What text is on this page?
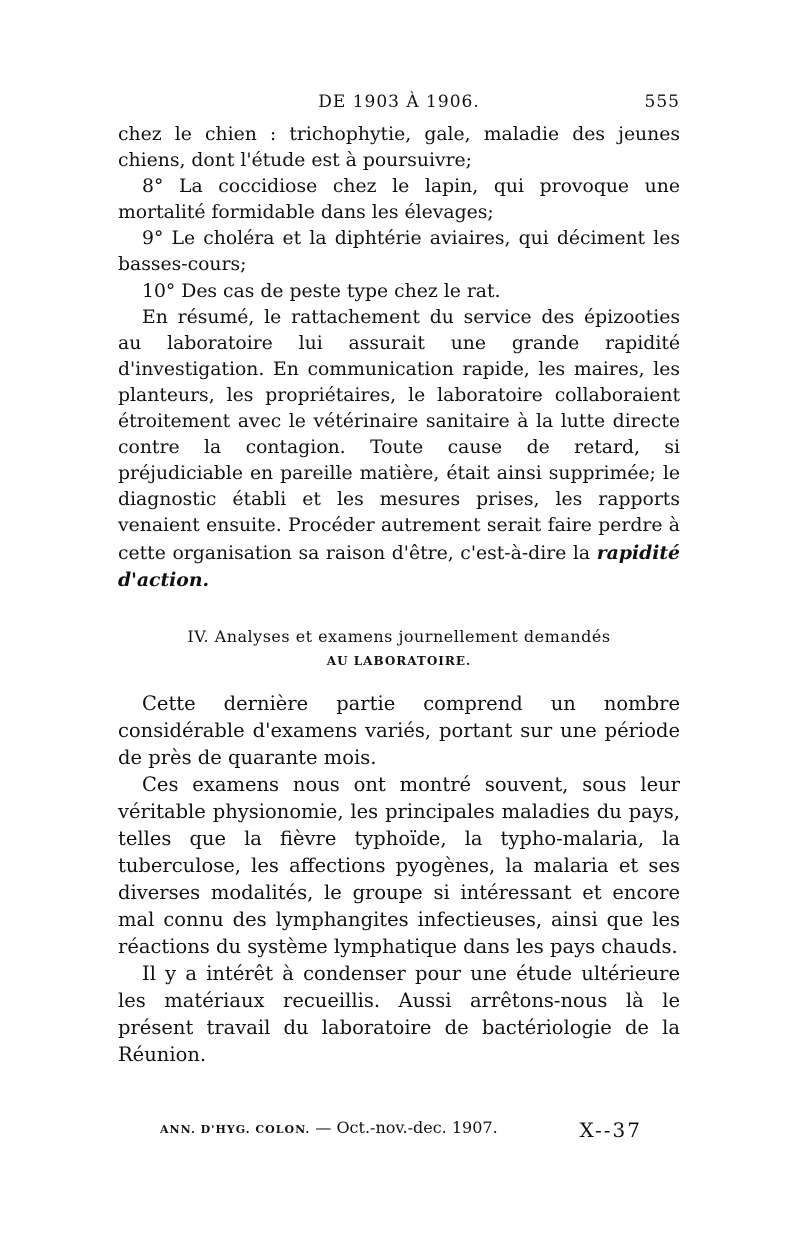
DE 1903 À 1906.	555

chez le chien : trichophytie, gale, maladie des jeunes chiens, dont l'étude est à poursuivre;

8° La coccidiose chez le lapin, qui provoque une mortalité formidable dans les élevages;

9° Le choléra et la diphtérie aviaires, qui déciment les basses-cours;

10° Des cas de peste type chez le rat.

En résumé, le rattachement du service des épizooties au laboratoire lui assurait une grande rapidité d'investigation. En communication rapide, les maires, les planteurs, les propriétaires, le laboratoire collaboraient étroitement avec le vétérinaire sanitaire à la lutte directe contre la contagion. Toute cause de retard, si préjudiciable en pareille matière, était ainsi supprimée; le diagnostic établi et les mesures prises, les rapports venaient ensuite. Procéder autrement serait faire perdre à cette organisation sa raison d'être, c'est-à-dire la rapidité d'action.

IV. Analyses et examens journellement demandés
AU LABORATOIRE.

Cette dernière partie comprend un nombre considérable d'examens variés, portant sur une période de près de quarante mois.

Ces examens nous ont montré souvent, sous leur véritable physionomie, les principales maladies du pays, telles que la fièvre typhoïde, la typho-malaria, la tuberculose, les affections pyogènes, la malaria et ses diverses modalités, le groupe si intéressant et encore mal connu des lymphangites infectieuses, ainsi que les réactions du système lymphatique dans les pays chauds.

Il y a intérêt à condenser pour une étude ultérieure les matériaux recueillis. Aussi arrêtons-nous là le présent travail du laboratoire de bactériologie de la Réunion.

ANN. D'HYG. COLON. — Oct.-nov.-dec. 1907.	X--37
